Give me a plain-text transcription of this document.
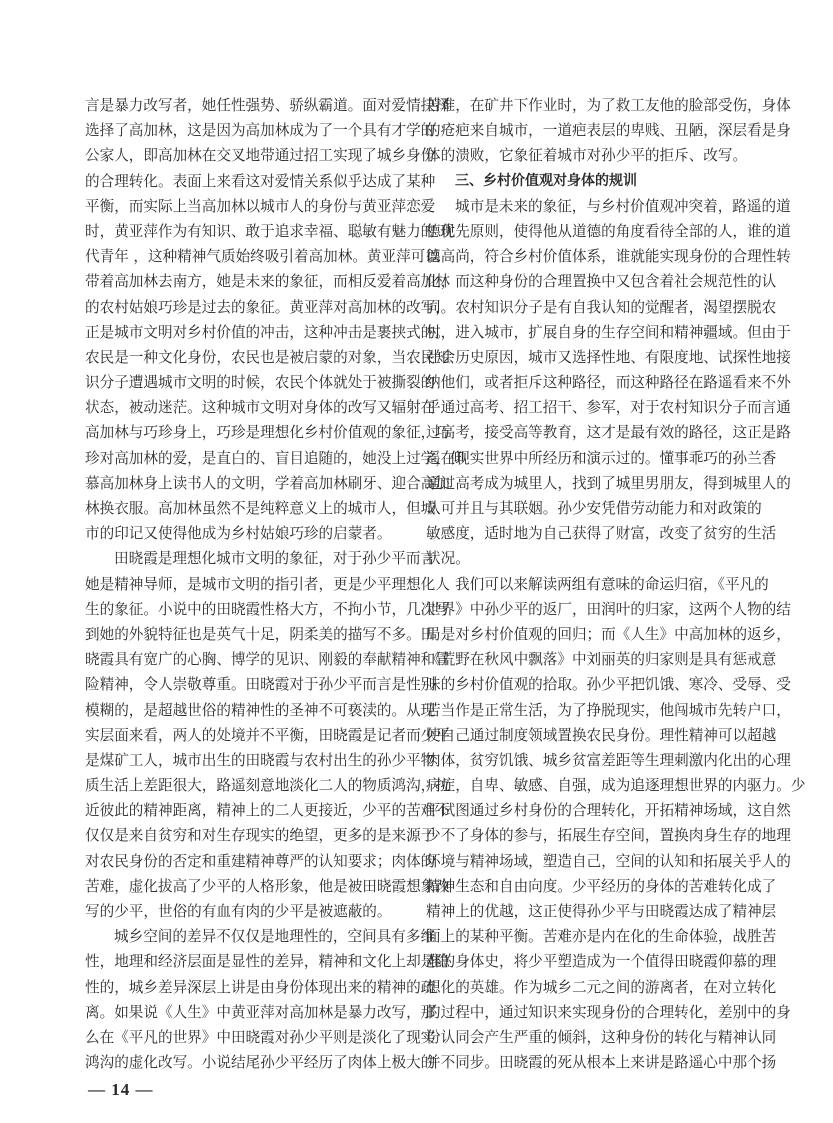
言是暴力改写者，她任性强势、骄纵霸道。面对爱情抉择
选择了高加林，这是因为高加林成为了一个具有才学的
公家人，即高加林在交叉地带通过招工实现了城乡身份
的合理转化。表面上来看这对爱情关系似乎达成了某种
平衡，而实际上当高加林以城市人的身份与黄亚萍恋爱
时，黄亚萍作为有知识、敢于追求幸福、聪敏有魅力的 现
代青年 ，这种精神气质始终吸引着高加林。黄亚萍可以
带着高加林去南方，她是未来的象征，而相反爱着高加林
的农村姑娘巧珍是过去的象征。黄亚萍对高加林的改写，
正是城市文明对乡村价值的冲击，这种冲击是裹挟式的。
农民是一种文化身份，农民也是被启蒙的对象，当农民知
识分子遭遇城市文明的时候，农民个体就处于被撕裂的
状态，被动迷茫。这种城市文明对身体的改写又辐射在
高加林与巧珍身上，巧珍是理想化乡村价值观的象征，巧
珍对高加林的爱，是直白的、盲目追随的，她没上过学，仰
慕高加林身上读书人的文明，学着高加林刷牙、迎合高加
林换衣服。高加林虽然不是纯粹意义上的城市人，但城
市的印记又使得他成为乡村姑娘巧珍的启蒙者。
田晓霞是理想化城市文明的象征，对于孙少平而言
她是精神导师，是城市文明的指引者，更是少平理想化人
生的象征。小说中的田晓霞性格大方，不拘小节，几次写
到她的外貌特征也是英气十足，阴柔美的描写不多。田
晓霞具有宽广的心胸、博学的见识、刚毅的奉献精神和冒
险精神，令人崇敬尊重。田晓霞对于孙少平而言是性别
模糊的，是超越世俗的精神性的圣神不可亵渎的。从现
实层面来看，两人的处境并不平衡，田晓霞是记者而少平
是煤矿工人，城市出生的田晓霞与农村出生的孙少平物
质生活上差距很大，路遥刻意地淡化二人的物质鸿沟，拉
近彼此的精神距离，精神上的二人更接近，少平的苦难不
仅仅是来自贫穷和对生存现实的绝望，更多的是来源于
对农民身份的否定和重建精神尊严的认知要求；肉体的
苦难，虚化拔高了少平的人格形象，他是被田晓霞想象改
写的少平，世俗的有血有肉的少平是被遮蔽的。
城乡空间的差异不仅仅是地理性的，空间具有多维
性，地理和经济层面是显性的差异，精神和文化上却是隐
性的，城乡差异深层上讲是由身份体现出来的精神的疏
离。如果说《人生》中黄亚萍对高加林是暴力改写，那
么在《平凡的世界》中田晓霞对孙少平则是淡化了现实
鸿沟的虚化改写。小说结尾孙少平经历了肉体上极大的
苦难，在矿井下作业时，为了救工友他的脸部受伤，身体
的疮疤来自城市，一道疤表层的卑贱、丑陋，深层看是身
体的溃败，它象征着城市对孙少平的拒斥、改写。
三、乡村价值观对身体的规训
城市是未来的象征，与乡村价值观冲突着，路遥的道
德优先原则，使得他从道德的角度看待全部的人，谁的道
德高尚，符合乡村价值体系，谁就能实现身份的合理性转
化，而这种身份的合理置换中又包含着社会规范性的认
同。农村知识分子是有自我认知的觉醒者，渴望摆脱农
村，进入城市，扩展自身的生存空间和精神疆域。但由于
社会历史原因，城市又选择性地、有限度地、试探性地接
纳他们，或者拒斥这种路径，而这种路径在路遥看来不外
乎通过高考、招工招干、参军，对于农村知识分子而言通
过高考，接受高等教育，这才是最有效的路径，这正是路
遥在现实世界中所经历和演示过的。懂事乖巧的孙兰香
通过高考成为城里人，找到了城里男朋友，得到城里人的
认可并且与其联姻。孙少安凭借劳动能力和对政策的
敏感度，适时地为自己获得了财富，改变了贫穷的生活
状况。
我们可以来解读两组有意味的命运归宿，《平凡的
世界》中孙少平的返厂，田润叶的归家，这两个人物的结
局是对乡村价值观的回归；而《人生》中高加林的返乡，
《荒野在秋风中飘落》中刘丽英的归家则是具有惩戒意
味的乡村价值观的拾取。孙少平把饥饿、寒冷、受辱、受
苦当作是正常生活，为了挣脱现实，他闯城市先转户口，
使自己通过制度领域置换农民身份。理性精神可以超越
肉体，贫穷饥饿、城乡贫富差距等生理刺激内化出的心理
病症，自卑、敏感、自强，成为追逐理想世界的内驱力。少
平试图通过乡村身份的合理转化，开拓精神场域，这自然
少不了身体的参与，拓展生存空间，置换肉身生存的地理
环境与精神场域，塑造自己，空间的认知和拓展关乎人的
精神生态和自由向度。少平经历的身体的苦难转化成了
精神上的优越，这正使得孙少平与田晓霞达成了精神层
面上的某种平衡。苦难亦是内在化的生命体验，战胜苦
难的身体史，将少平塑造成为一个值得田晓霞仰慕的理
想化的英雄。作为城乡二元之间的游离者，在对立转化
的过程中，通过知识来实现身份的合理转化，差别中的身
份认同会产生严重的倾斜，这种身份的转化与精神认同
并不同步。田晓霞的死从根本上来讲是路遥心中那个扬
— 14 —
